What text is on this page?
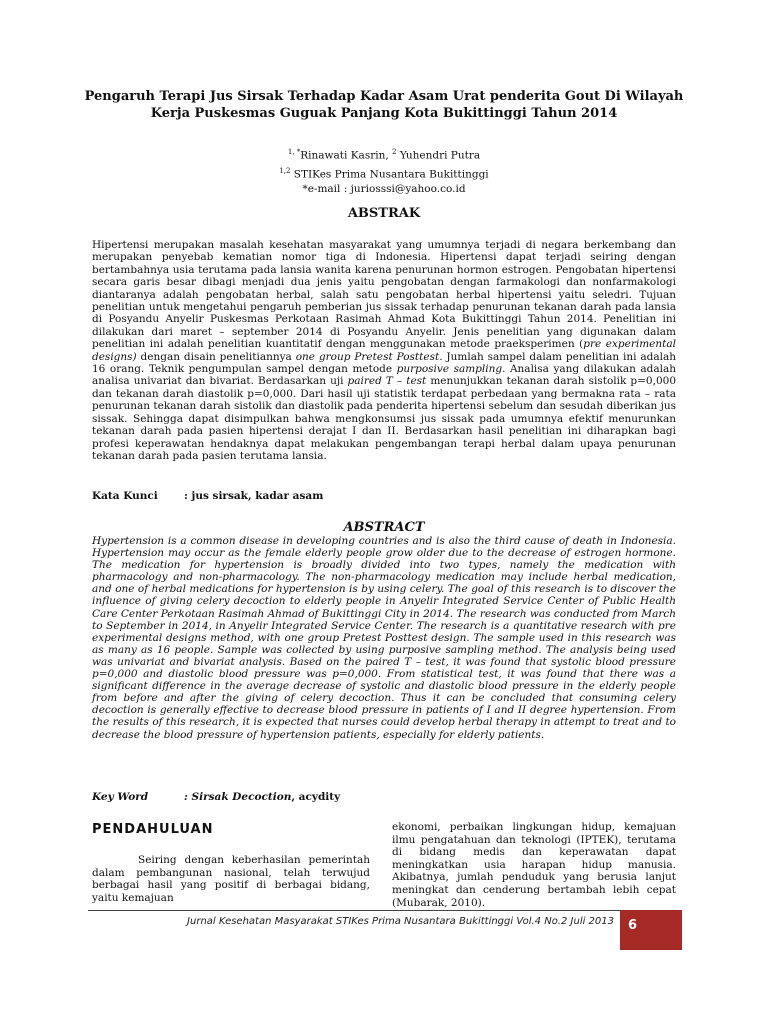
Pengaruh Terapi Jus Sirsak Terhadap Kadar Asam Urat penderita Gout Di Wilayah
Kerja Puskesmas Guguak Panjang Kota Bukittinggi Tahun 2014
$^{1, *}$Rinawati Kasrin, $^2$ Yuhendri Putra
$^{1,2}$ STIKes Prima Nusantara Bukittinggi
*e-mail : juriosssi@yahoo.co.id
ABSTRAK
Hipertensi merupakan masalah kesehatan masyarakat yang umumnya terjadi di negara berkembang dan merupakan penyebab kematian nomor tiga di Indonesia. Hipertensi dapat terjadi seiring dengan bertambahnya usia terutama pada lansia wanita karena penurunan hormon estrogen. Pengobatan hipertensi secara garis besar dibagi menjadi dua jenis yaitu pengobatan dengan farmakologi dan nonfarmakologi diantaranya adalah pengobatan herbal, salah satu pengobatan herbal hipertensi yaitu seledri. Tujuan penelitian untuk mengetahui pengaruh pemberian jus sissak terhadap penurunan tekanan darah pada lansia di Posyandu Anyelir Puskesmas Perkotaan Rasimah Ahmad Kota Bukittinggi Tahun 2014. Penelitian ini dilakukan dari maret – september 2014 di Posyandu Anyelir. Jenis penelitian yang digunakan dalam penelitian ini adalah penelitian kuantitatif dengan menggunakan metode praeksperimen (pre experimental designs) dengan disain penelitiannya one group Pretest Posttest. Jumlah sampel dalam penelitian ini adalah 16 orang. Teknik pengumpulan sampel dengan metode purposive sampling. Analisa yang dilakukan adalah analisa univariat dan bivariat. Berdasarkan uji paired T – test menunjukkan tekanan darah sistolik p=0,000 dan tekanan darah diastolik p=0,000. Dari hasil uji statistik terdapat perbedaan yang bermakna rata – rata penurunan tekanan darah sistolik dan diastolik pada penderita hipertensi sebelum dan sesudah diberikan jus sissak. Sehingga dapat disimpulkan bahwa mengkonsumsi jus sissak pada umumnya efektif menurunkan tekanan darah pada pasien hipertensi derajat I dan II. Berdasarkan hasil penelitian ini diharapkan bagi profesi keperawatan hendaknya dapat melakukan pengembangan terapi herbal dalam upaya penurunan tekanan darah pada pasien terutama lansia.
Kata Kunci : jus sirsak, kadar asam
ABSTRACT
Hypertension is a common disease in developing countries and is also the third cause of death in Indonesia. Hypertension may occur as the female elderly people grow older due to the decrease of estrogen hormone. The medication for hypertension is broadly divided into two types, namely the medication with pharmacology and non-pharmacology. The non-pharmacology medication may include herbal medication, and one of herbal medications for hypertension is by using celery. The goal of this research is to discover the influence of giving celery decoction to elderly people in Anyelir Integrated Service Center of Public Health Care Center Perkotaan Rasimah Ahmad of Bukittinggi City in 2014. The research was conducted from March to September in 2014, in Anyelir Integrated Service Center. The research is a quantitative research with pre experimental designs method, with one group Pretest Posttest design. The sample used in this research was as many as 16 people. Sample was collected by using purposive sampling method. The analysis being used was univariat and bivariat analysis. Based on the paired T – test, it was found that systolic blood pressure p=0,000 and diastolic blood pressure was p=0,000. From statistical test, it was found that there was a significant difference in the average decrease of systolic and diastolic blood pressure in the elderly people from before and after the giving of celery decoction. Thus it can be concluded that consuming celery decoction is generally effective to decrease blood pressure in patients of I and II degree hypertension. From the results of this research, it is expected that nurses could develop herbal therapy in attempt to treat and to decrease the blood pressure of hypertension patients, especially for elderly patients.
Key Word	: Sirsak Decoction, acydity
PENDAHULUAN
Seiring dengan keberhasilan pemerintah dalam pembangunan nasional, telah terwujud berbagai hasil yang positif di berbagai bidang, yaitu kemajuan
ekonomi, perbaikan lingkungan hidup, kemajuan ilmu pengatahuan dan teknologi (IPTEK), terutama di bidang medis dan keperawatan dapat meningkatkan usia harapan hidup manusia. Akibatnya, jumlah penduduk yang berusia lanjut meningkat dan cenderung bertambah lebih cepat (Mubarak, 2010).
Jurnal Kesehatan Masyarakat STIKes Prima Nusantara Bukittinggi Vol.4 No.2 Juli 2013 6
